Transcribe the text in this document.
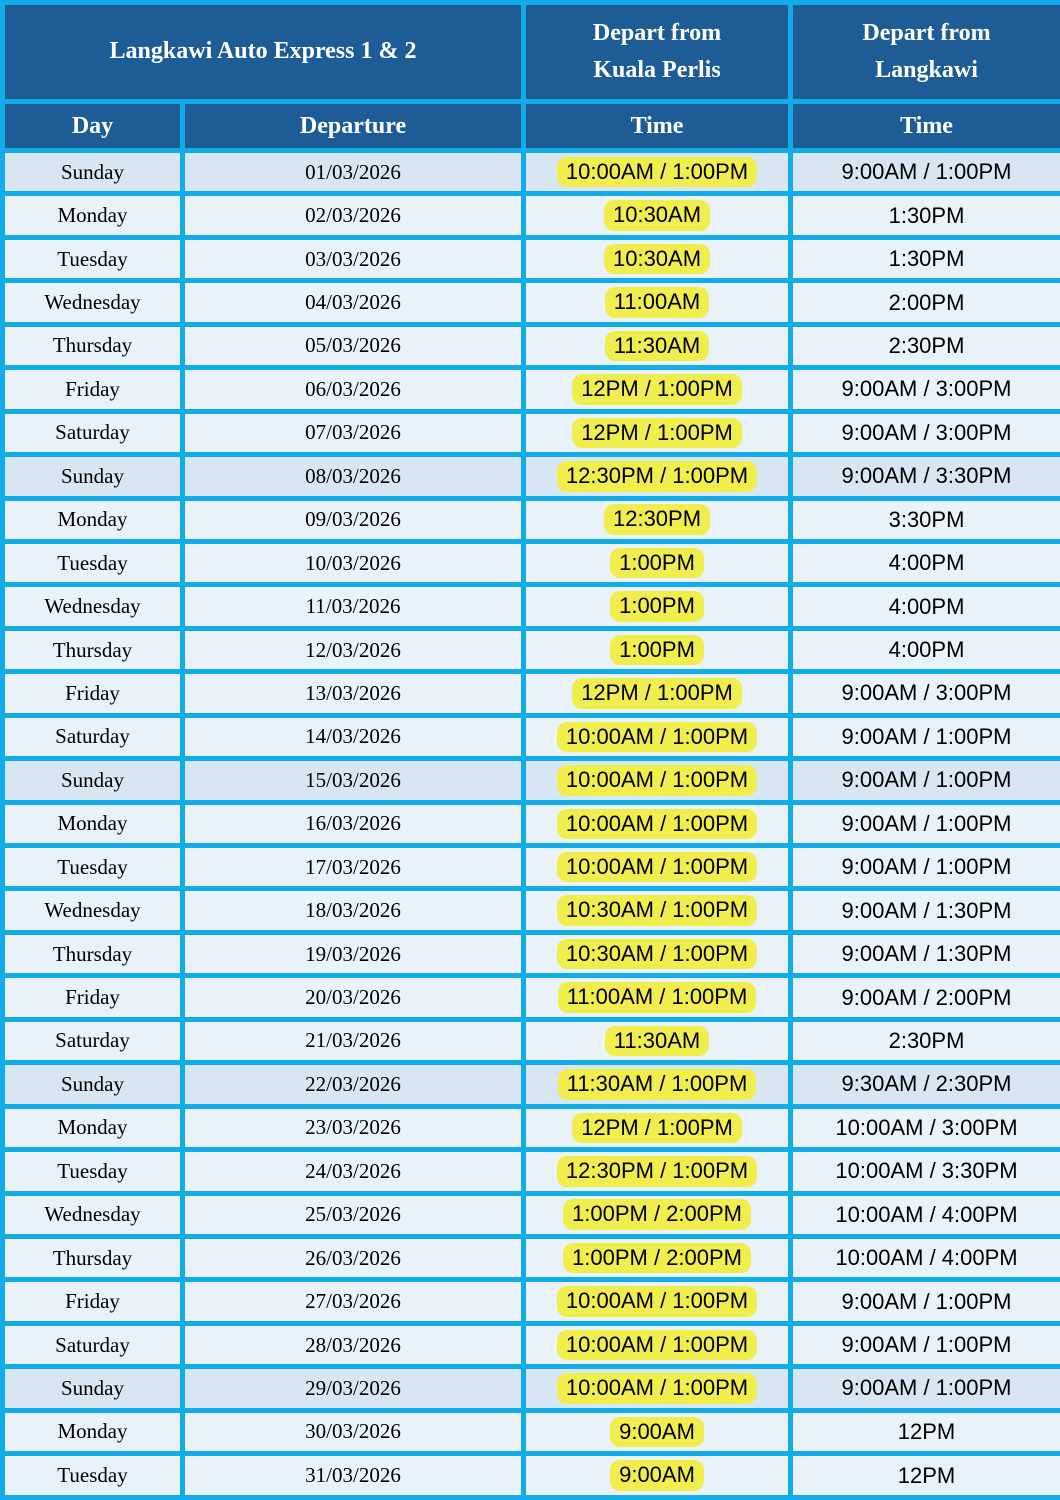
Langkawi Auto Express 1 & 2	
Depart from
Kuala Perlis

Depart from
Langkawi

Day	Departure	Time	Time
Sunday	01/03/2026	10:00AM / 1:00PM	9:00AM / 1:00PM
Monday	02/03/2026	10:30AM	1:30PM
Tuesday	03/03/2026	10:30AM	1:30PM
Wednesday	04/03/2026	11:00AM	2:00PM
Thursday	05/03/2026	11:30AM	2:30PM
Friday	06/03/2026	12PM / 1:00PM	9:00AM / 3:00PM
Saturday	07/03/2026	12PM / 1:00PM	9:00AM / 3:00PM
Sunday	08/03/2026	12:30PM / 1:00PM	9:00AM / 3:30PM
Monday	09/03/2026	12:30PM	3:30PM
Tuesday	10/03/2026	1:00PM	4:00PM
Wednesday	11/03/2026	1:00PM	4:00PM
Thursday	12/03/2026	1:00PM	4:00PM
Friday	13/03/2026	12PM / 1:00PM	9:00AM / 3:00PM
Saturday	14/03/2026	10:00AM / 1:00PM	9:00AM / 1:00PM
Sunday	15/03/2026	10:00AM / 1:00PM	9:00AM / 1:00PM
Monday	16/03/2026	10:00AM / 1:00PM	9:00AM / 1:00PM
Tuesday	17/03/2026	10:00AM / 1:00PM	9:00AM / 1:00PM
Wednesday	18/03/2026	10:30AM / 1:00PM	9:00AM / 1:30PM
Thursday	19/03/2026	10:30AM / 1:00PM	9:00AM / 1:30PM
Friday	20/03/2026	11:00AM / 1:00PM	9:00AM / 2:00PM
Saturday	21/03/2026	11:30AM	2:30PM
Sunday	22/03/2026	11:30AM / 1:00PM	9:30AM / 2:30PM
Monday	23/03/2026	12PM / 1:00PM	10:00AM / 3:00PM
Tuesday	24/03/2026	12:30PM / 1:00PM	10:00AM / 3:30PM
Wednesday	25/03/2026	1:00PM / 2:00PM	10:00AM / 4:00PM
Thursday	26/03/2026	1:00PM / 2:00PM	10:00AM / 4:00PM
Friday	27/03/2026	10:00AM / 1:00PM	9:00AM / 1:00PM
Saturday	28/03/2026	10:00AM / 1:00PM	9:00AM / 1:00PM
Sunday	29/03/2026	10:00AM / 1:00PM	9:00AM / 1:00PM
Monday	30/03/2026	9:00AM	12PM
Tuesday	31/03/2026	9:00AM	12PM
